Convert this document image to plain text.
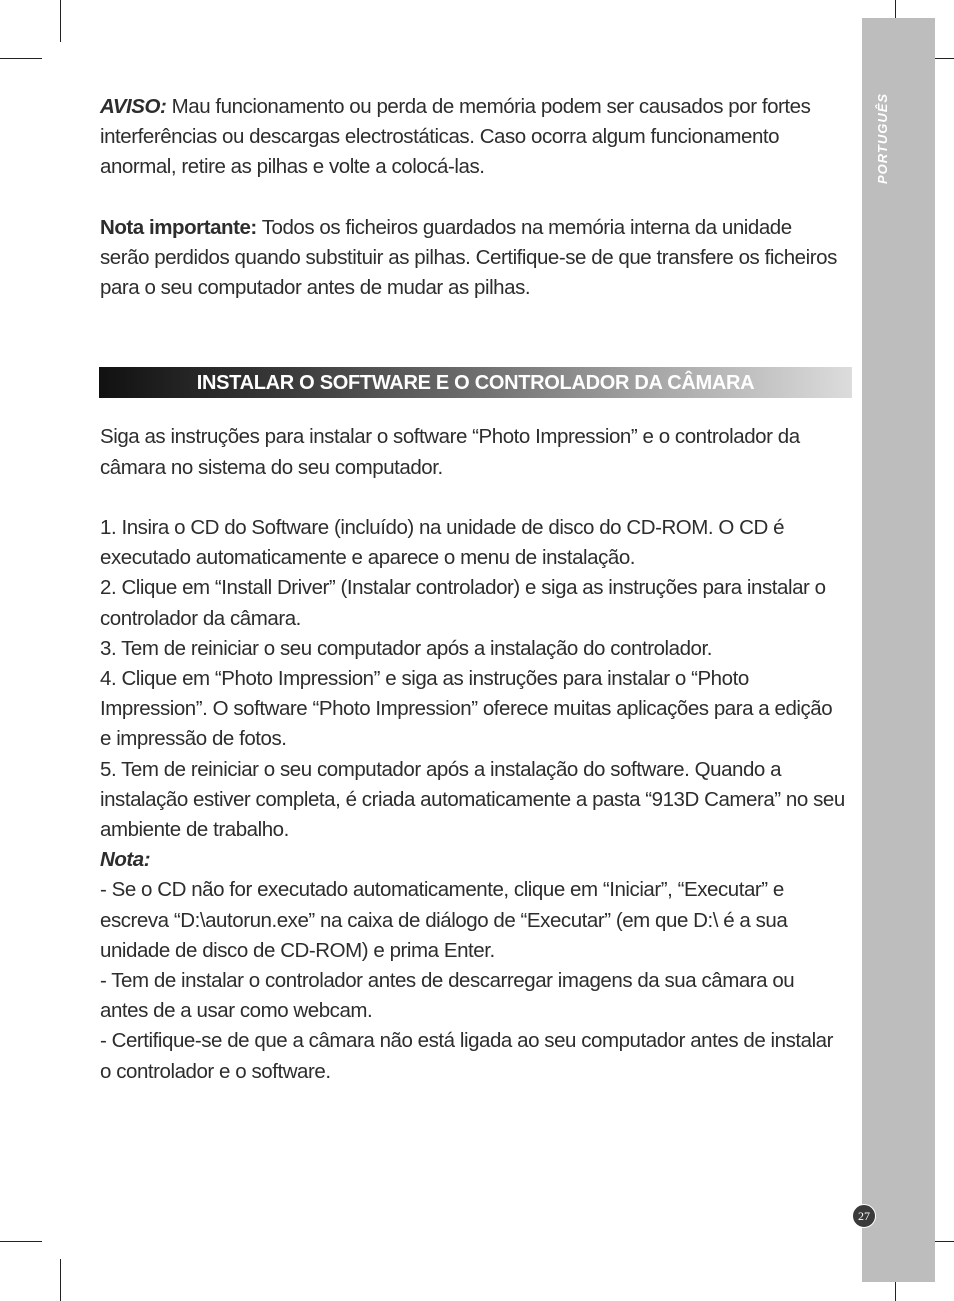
PORTUGUÊS
27

AVISO: Mau funcionamento ou perda de memória podem ser causados por fortes interferências ou descargas electrostáticas. Caso ocorra algum funcionamento anormal, retire as pilhas e volte a colocá-las.

Nota importante: Todos os ficheiros guardados na memória interna da unidade serão perdidos quando substituir as pilhas. Certifique-se de que transfere os ficheiros para o seu computador antes de mudar as pilhas.

INSTALAR O SOFTWARE E O CONTROLADOR DA CÂMARA

Siga as instruções para instalar o software “Photo Impression” e o controlador da câmara no sistema do seu computador.

1. Insira o CD do Software (incluído) na unidade de disco do CD-ROM. O CD é executado automaticamente e aparece o menu de instalação.

2. Clique em “Install Driver” (Instalar controlador) e siga as instruções para instalar o controlador da câmara.

3. Tem de reiniciar o seu computador após a instalação do controlador.

4. Clique em “Photo Impression” e siga as instruções para instalar o “Photo Impression”. O software “Photo Impression” oferece muitas aplicações para a edição e impressão de fotos.

5. Tem de reiniciar o seu computador após a instalação do software. Quando a instalação estiver completa, é criada automaticamente a pasta “913D Camera” no seu ambiente de trabalho.

Nota:

- Se o CD não for executado automaticamente, clique em “Iniciar”, “Executar” e escreva “D:\autorun.exe” na caixa de diálogo de “Executar” (em que D:\ é a sua unidade de disco de CD-ROM) e prima Enter.

- Tem de instalar o controlador antes de descarregar imagens da sua câmara ou antes de a usar como webcam.

- Certifique-se de que a câmara não está ligada ao seu computador antes de instalar o controlador e o software.
